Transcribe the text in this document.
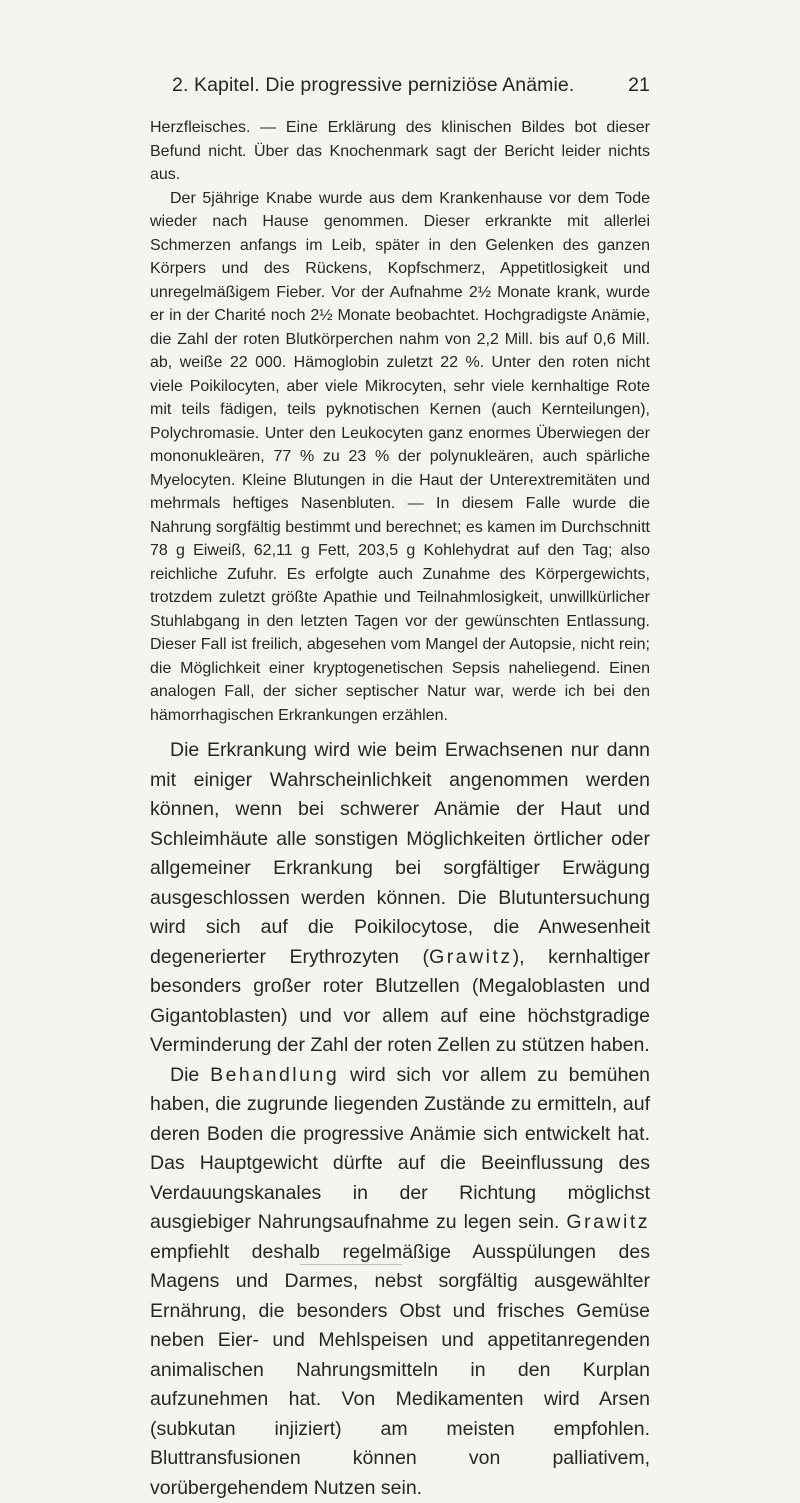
2. Kapitel. Die progressive perniziöse Anämie.	21

Herzfleisches. — Eine Erklärung des klinischen Bildes bot dieser Befund nicht. Über das Knochenmark sagt der Bericht leider nichts aus.

Der 5jährige Knabe wurde aus dem Krankenhause vor dem Tode wieder nach Hause genommen. Dieser erkrankte mit allerlei Schmerzen anfangs im Leib, später in den Gelenken des ganzen Körpers und des Rückens, Kopfschmerz, Appetitlosigkeit und unregelmäßigem Fieber. Vor der Aufnahme 2½ Monate krank, wurde er in der Charité noch 2½ Monate beobachtet. Hochgradigste Anämie, die Zahl der roten Blutkörperchen nahm von 2,2 Mill. bis auf 0,6 Mill. ab, weiße 22 000. Hämoglobin zuletzt 22 %. Unter den roten nicht viele Poikilocyten, aber viele Mikrocyten, sehr viele kernhaltige Rote mit teils fädigen, teils pyknotischen Kernen (auch Kernteilungen), Polychromasie. Unter den Leukocyten ganz enormes Überwiegen der mononukleären, 77 % zu 23 % der polynukleären, auch spärliche Myelocyten. Kleine Blutungen in die Haut der Unterextremitäten und mehrmals heftiges Nasenbluten. — In diesem Falle wurde die Nahrung sorgfältig bestimmt und berechnet; es kamen im Durchschnitt 78 g Eiweiß, 62,11 g Fett, 203,5 g Kohlehydrat auf den Tag; also reichliche Zufuhr. Es erfolgte auch Zunahme des Körpergewichts, trotzdem zuletzt größte Apathie und Teilnahmlosigkeit, unwillkürlicher Stuhlabgang in den letzten Tagen vor der gewünschten Entlassung. Dieser Fall ist freilich, abgesehen vom Mangel der Autopsie, nicht rein; die Möglichkeit einer kryptogenetischen Sepsis naheliegend. Einen analogen Fall, der sicher septischer Natur war, werde ich bei den hämorrhagischen Erkrankungen erzählen.

Die Erkrankung wird wie beim Erwachsenen nur dann mit einiger Wahrscheinlichkeit angenommen werden können, wenn bei schwerer Anämie der Haut und Schleimhäute alle sonstigen Möglichkeiten örtlicher oder allgemeiner Erkrankung bei sorgfältiger Erwägung ausgeschlossen werden können. Die Blutuntersuchung wird sich auf die Poikilocytose, die Anwesenheit degenerierter Erythrozyten (Grawitz), kernhaltiger besonders großer roter Blutzellen (Megaloblasten und Gigantoblasten) und vor allem auf eine höchstgradige Verminderung der Zahl der roten Zellen zu stützen haben.

Die Behandlung wird sich vor allem zu bemühen haben, die zugrunde liegenden Zustände zu ermitteln, auf deren Boden die progressive Anämie sich entwickelt hat. Das Hauptgewicht dürfte auf die Beeinflussung des Verdauungskanales in der Richtung möglichst ausgiebiger Nahrungsaufnahme zu legen sein. Grawitz empfiehlt deshalb regelmäßige Ausspülungen des Magens und Darmes, nebst sorgfältig ausgewählter Ernährung, die besonders Obst und frisches Gemüse neben Eier- und Mehlspeisen und appetitanregenden animalischen Nahrungsmitteln in den Kurplan aufzunehmen hat. Von Medikamenten wird Arsen (subkutan injiziert) am meisten empfohlen. Bluttransfusionen können von palliativem, vorübergehendem Nutzen sein.
